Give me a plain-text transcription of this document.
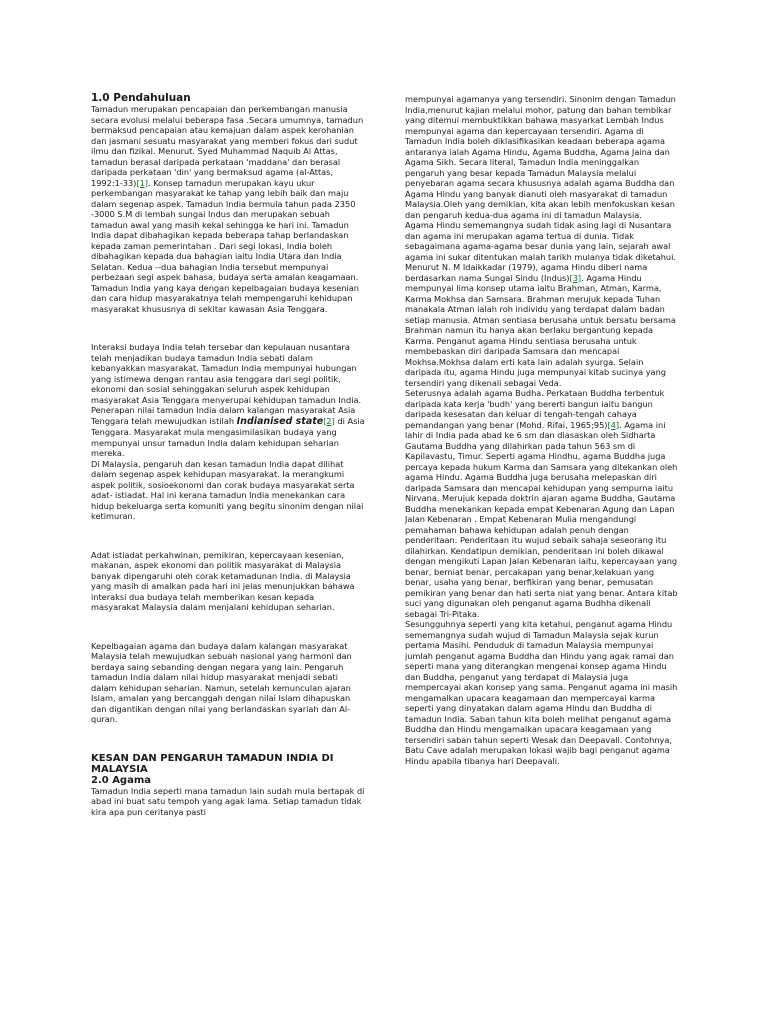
1.0 Pendahuluan

Tamadun merupakan pencapaian dan perkembangan manusia secara evolusi melalui beberapa fasa .Secara umumnya, tamadun bermaksud pencapaian atau kemajuan dalam aspek kerohanian dan jasmani sesuatu masyarakat yang memberi fokus dari sudut ilmu dan fizikal. Menurut. Syed Muhammad Naquib Al Attas, tamadun berasal daripada perkataan 'maddana' dan berasal daripada perkataan 'din' yang bermaksud agama (al-Attas, 1992:1-33)[1]. Konsep tamadun merupakan kayu ukur perkembangan masyarakat ke tahap yang lebih baik dan maju dalam segenap aspek. Tamadun India bermula tahun pada 2350 -3000 S.M di lembah sungai Indus dan merupakan sebuah tamadun awal yang masih kekal sehingga ke hari ini. Tamadun India dapat dibahagikan kepada beberapa tahap berlandaskan kepada zaman pemerintahan . Dari segi lokasi, India boleh dibahagikan kepada dua bahagian iaitu India Utara dan India Selatan. Kedua --dua bahagian India tersebut mempunyai perbezaan segi aspek bahasa, budaya serta amalan keagamaan. Tamadun India yang kaya dengan kepelbagaian budaya kesenian dan cara hidup masyarakatnya telah mempengaruhi kehidupan masyarakat khususnya di sekitar kawasan Asia Tenggara.

Interaksi budaya India telah tersebar dan kepulauan nusantara telah menjadikan budaya tamadun India sebati dalam kebanyakkan masyarakat. Tamadun India mempunyai hubungan yang istimewa dengan rantau asia tenggara dari segi politik, ekonomi dan sosial sehinggakan seluruh aspek kehidupan masyarakat Asia Tenggara menyerupai kehidupan tamadun India. Penerapan nilai tamadun India dalam kalangan masyarakat Asia Tenggara telah mewujudkan istilah Indianised state[2] di Asia Tenggara. Masyarakat mula mengasimilasikan budaya yang mempunyai unsur tamadun India dalam kehidupan seharian mereka.

Di Malaysia, pengaruh dan kesan tamadun India dapat dilihat dalam segenap aspek kehidupan masyarakat. Ia merangkumi aspek politik, sosioekonomi dan corak budaya masyarakat serta adat- istiadat. Hal ini kerana tamadun India menekankan cara hidup bekeluarga serta komuniti yang begitu sinonim dengan nilai ketimuran.

Adat istiadat perkahwinan, pemikiran, kepercayaan kesenian, makanan, aspek ekonomi dan politik masyarakat di Malaysia banyak dipengaruhi oleh corak ketamadunan India. di Malaysia yang masih di amalkan pada hari ini jelas menunjukkan bahawa interaksi dua budaya telah memberikan kesan kepada masyarakat Malaysia dalam menjalani kehidupan seharian.

Kepelbagaian agama dan budaya dalam kalangan masyarakat Malaysia telah mewujudkan sebuah nasional yang harmoni dan berdaya saing sebanding dengan negara yang lain. Pengaruh tamadun India dalam nilai hidup masyarakat menjadi sebati dalam kehidupan seharian. Namun, setelah kemunculan ajaran Islam, amalan yang bercanggah dengan nilai Islam dihapuskan dan digantikan dengan nilai yang berlandaskan syariah dan Al-quran.

KESAN DAN PENGARUH TAMADUN INDIA DI MALAYSIA

2.0 Agama

Tamadun India seperti mana tamadun lain sudah mula bertapak di abad ini buat satu tempoh yang agak lama. Setiap tamadun tidak kira apa pun ceritanya pasti

mempunyai agamanya yang tersendiri. Sinonim dengan Tamadun India,menurut kajian melalui mohor, patung dan bahan tembikar yang ditemui membuktikkan bahawa masyarkat Lembah Indus mempunyai agama dan kepercayaan tersendiri. Agama di Tamadun India boleh diklasifikasikan keadaan beberapa agama antaranya ialah Agama Hindu, Agama Buddha, Agama Jaina dan Agama Sikh. Secara literal, Tamadun India meninggalkan pengaruh yang besar kepada Tamadun Malaysia melalui penyebaran agama secara khususnya adalah agama Buddha dan Agama Hindu yang banyak dianuti oleh masyarakat di tamadun Malaysia.Oleh yang demikian, kita akan lebih menfokuskan kesan dan pengaruh kedua-dua agama ini di tamadun Malaysia.

Agama Hindu sememangnya sudah tidak asing lagi di Nusantara dan agama ini merupakan agama tertua di dunia. Tidak sebagaimana agama-agama besar dunia yang lain, sejarah awal agama ini sukar ditentukan malah tarikh mulanya tidak diketahui. Menurut N. M Idaikkadar (1979), agama Hindu diberi nama berdasarkan nama Sungai Sindu (Indus)[3]. Agama Hindu mempunyai lima konsep utama iaitu Brahman, Atman, Karma, Karma Mokhsa dan Samsara. Brahman merujuk kepada Tuhan manakala Atman ialah roh individu yang terdapat dalam badan setiap manusia. Atman sentiasa berusaha untuk bersatu bersama Brahman namun itu hanya akan berlaku bergantung kepada Karma. Penganut agama Hindu sentiasa berusaha untuk membebaskan diri daripada Samsara dan mencapai Mokhsa.Mokhsa dalam erti kata lain adalah syurga. Selain daripada itu, agama Hindu juga mempunyai kitab sucinya yang tersendiri yang dikenali sebagai Veda.

Seterusnya adalah agama Budha. Perkataan Buddha terbentuk daripada kata kerja 'budh' yang bererti bangun iaitu bangun daripada kesesatan dan keluar di tengah-tengah cahaya pemandangan yang benar (Mohd. Rifai, 1965;95)[4]. Agama ini lahir di India pada abad ke 6 sm dan diasaskan oleh Sidharta Gautama Buddha yang dilahirkan pada tahun 563 sm di Kapilavastu, Timur. Seperti agama Hindhu, agama Buddha juga percaya kepada hukum Karma dan Samsara yang ditekankan oleh agama Hindu. Agama Buddha juga berusaha melepaskan diri daripada Samsara dan mencapai kehidupan yang sempurna iaitu Nirvana. Merujuk kepada doktrin ajaran agama Buddha, Gautama Buddha menekankan kepada empat Kebenaran Agung dan Lapan Jalan Kebenaran . Empat Kebenaran Mulia mengandungi pemahaman bahawa kehidupan adalah penuh dengan penderitaan. Penderitaan itu wujud sebaik sahaja seseorang itu dilahirkan. Kendatipun demikian, penderitaan ini boleh dikawal dengan mengikuti Lapan Jalan Kebenaran iaitu, kepercayaan yang benar, berniat benar, percakapan yang benar,kelakuan yang benar, usaha yang benar, berfikiran yang benar, pemusatan pemikiran yang benar dan hati serta niat yang benar. Antara kitab suci yang digunakan oleh penganut agama Budhha dikenali sebagai Tri-Pitaka.

Sesungguhnya seperti yang kita ketahui, penganut agama Hindu sememangnya sudah wujud di Tamadun Malaysia sejak kurun pertama Masihi. Penduduk di tamadun Malaysia mempunyai jumlah penganut agama Buddha dan Hindu yang agak ramai dan seperti mana yang diterangkan mengenai konsep agama Hindu dan Buddha, penganut yang terdapat di Malaysia juga mempercayai akan konsep yang sama. Penganut agama ini masih mengamalkan upacara keagamaan dan mempercayai karma seperti yang dinyatakan dalam agama Hindu dan Buddha di tamadun India. Saban tahun kita boleh melihat penganut agama Buddha dan Hindu mengamalkan upacara keagamaan yang tersendiri saban tahun seperti Wesak dan Deepavali. Contohnya, Batu Cave adalah merupakan lokasi wajib bagi penganut agama Hindu apabila tibanya hari Deepavali.
